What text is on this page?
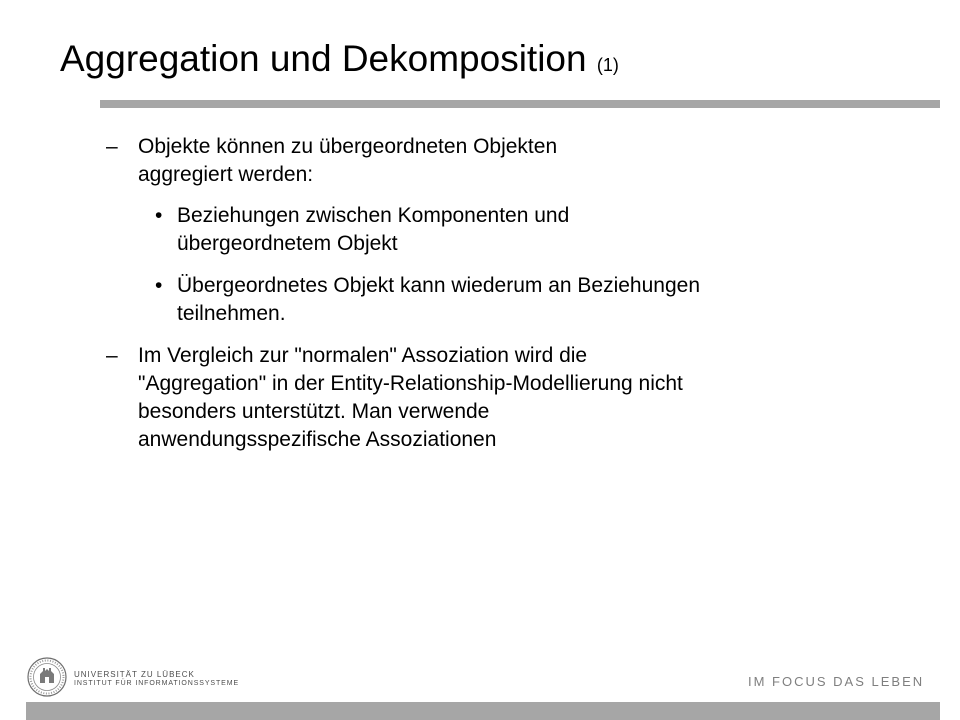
Aggregation und Dekomposition (1)
– Objekte können zu übergeordneten Objekten
aggregiert werden:
• Beziehungen zwischen Komponenten und
übergeordnetem Objekt
• Übergeordnetes Objekt kann wiederum an Beziehungen
teilnehmen.
– Im Vergleich zur "normalen" Assoziation wird die
"Aggregation" in der Entity-Relationship-Modellierung nicht
besonders unterstützt. Man verwende
anwendungsspezifische Assoziationen
UNIVERSITÄT ZU LÜBECK
INSTITUT FÜR INFORMATIONSSYSTEME	IM FOCUS DAS LEBEN
